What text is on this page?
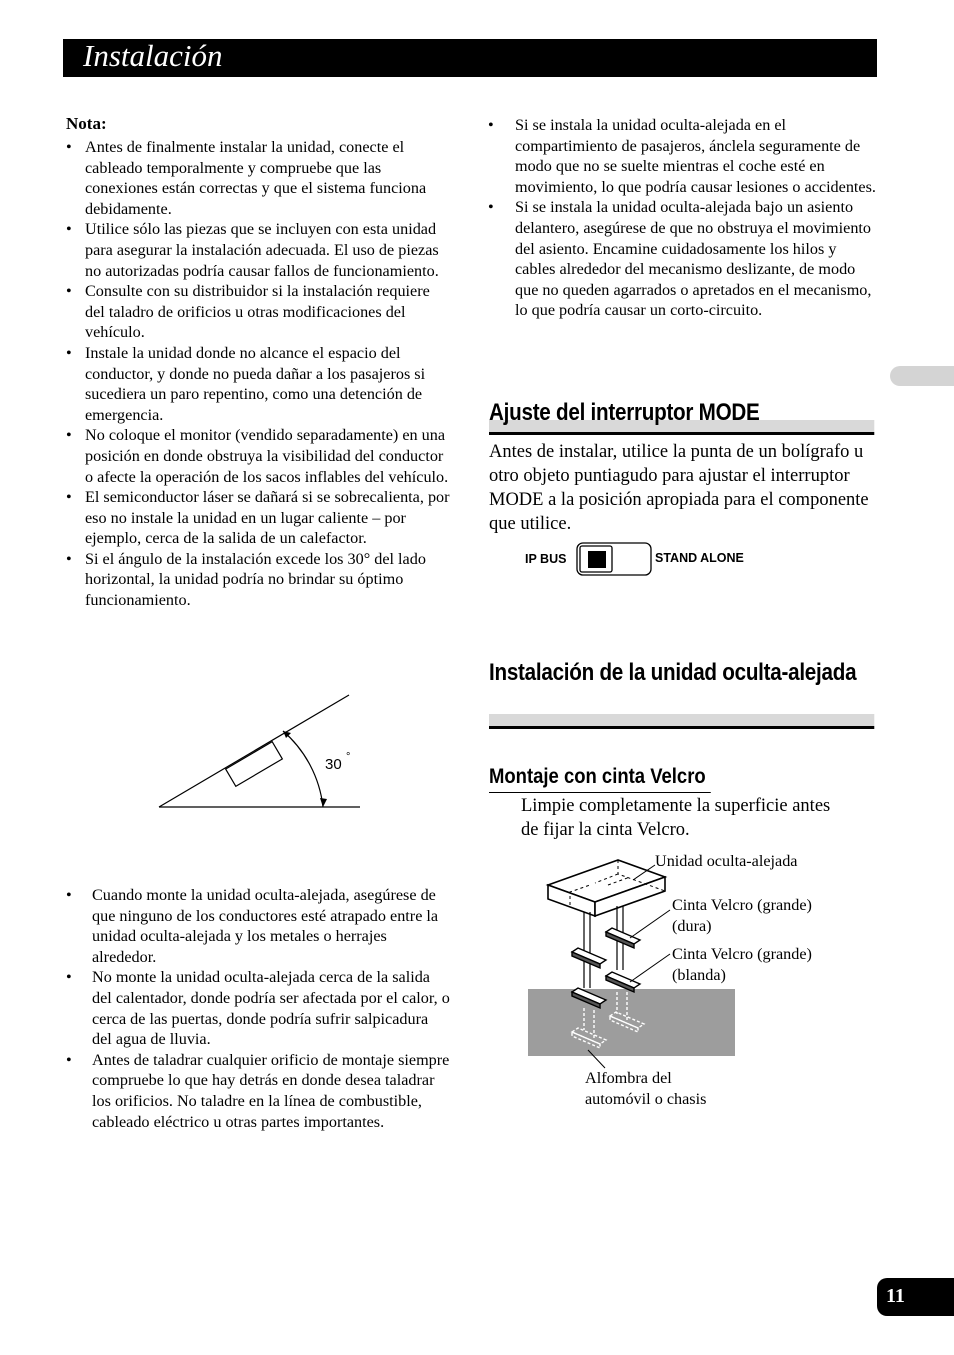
Instalación
Nota:
• Antes de finalmente instalar la unidad, conecte el cableado temporalmente y compruebe que las conexiones están correctas y que el sistema funciona debidamente.
• Utilice sólo las piezas que se incluyen con esta unidad para asegurar la instalación adecuada. El uso de piezas no autorizadas podría causar fallos de funcionamiento.
• Consulte con su distribuidor si la instalación requiere del taladro de orificios u otras modificaciones del vehículo.
• Instale la unidad donde no alcance el espacio del conductor, y donde no pueda dañar a los pasajeros si sucediera un paro repentino, como una detención de emergencia.
• No coloque el monitor (vendido separadamente) en una posición en donde obstruya la visibilidad del conductor o afecte la operación de los sacos inflables del vehículo.
• El semiconductor láser se dañará si se sobrecalienta, por eso no instale la unidad en un lugar caliente – por ejemplo, cerca de la salida de un calefactor.
• Si el ángulo de la instalación excede los 30° del lado horizontal, la unidad podría no brindar su óptimo funcionamiento.
30 °
• Cuando monte la unidad oculta-alejada, asegúrese de que ninguno de los conductores esté atrapado entre la unidad oculta-alejada y los metales o herrajes alrededor.
• No monte la unidad oculta-alejada cerca de la salida del calentador, donde podría ser afectada por el calor, o cerca de las puertas, donde podría sufrir salpicadura del agua de lluvia.
• Antes de taladrar cualquier orificio de montaje siempre compruebe lo que hay detrás en donde desea taladrar los orificios. No taladre en la línea de combustible, cableado eléctrico u otras partes importantes.
• Si se instala la unidad oculta-alejada en el compartimiento de pasajeros, ánclela seguramente de modo que no se suelte mientras el coche esté en movimiento, lo que podría causar lesiones o accidentes.
• Si se instala la unidad oculta-alejada bajo un asiento delantero, asegúrese de que no obstruya el movimiento del asiento. Encamine cuidadosamente los hilos y cables alrededor del mecanismo deslizante, de modo que no queden agarrados o apretados en el mecanismo, lo que podría causar un corto-circuito.
Ajuste del interruptor MODE
Antes de instalar, utilice la punta de un bolígrafo u otro objeto puntiagudo para ajustar el interruptor MODE a la posición apropiada para el componente que utilice.
IP BUS	STAND ALONE
Instalación de la unidad oculta-alejada
Montaje con cinta Velcro
Limpie completamente la superficie antes de fijar la cinta Velcro.
Unidad oculta-alejada
Cinta Velcro (grande) (dura)
Cinta Velcro (grande) (blanda)
Alfombra del automóvil o chasis
11
